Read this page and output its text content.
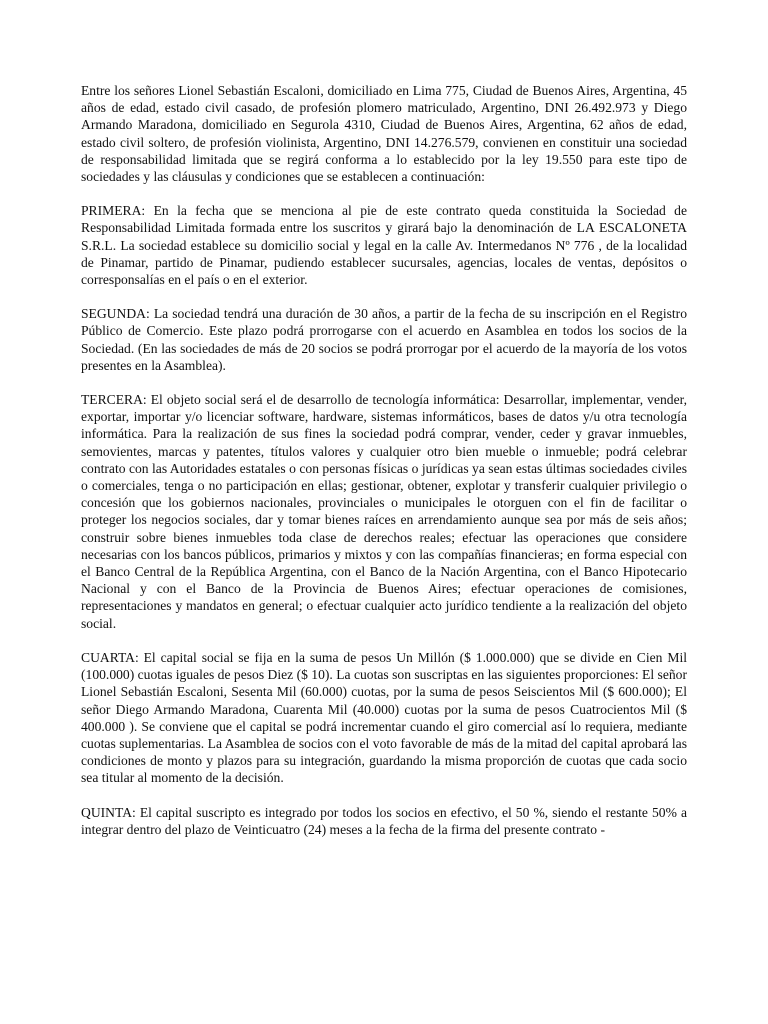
Entre los señores Lionel Sebastián Escaloni, domiciliado en Lima 775, Ciudad de Buenos Aires, Argentina, 45 años de edad, estado civil casado, de profesión plomero matriculado, Argentino, DNI 26.492.973 y Diego Armando Maradona, domiciliado en Segurola 4310, Ciudad de Buenos Aires, Argentina, 62 años de edad, estado civil soltero, de profesión violinista, Argentino, DNI 14.276.579, convienen en constituir una sociedad de responsabilidad limitada que se regirá conforma a lo establecido por la ley 19.550 para este tipo de sociedades y las cláusulas y condiciones que se establecen a continuación:

PRIMERA: En la fecha que se menciona al pie de este contrato queda constituida la Sociedad de Responsabilidad Limitada formada entre los suscritos y girará bajo la denominación de LA ESCALONETA S.R.L. La sociedad establece su domicilio social y legal en la calle Av. Intermedanos Nº 776 , de la localidad de Pinamar, partido de Pinamar, pudiendo establecer sucursales, agencias, locales de ventas, depósitos o corresponsalías en el país o en el exterior.

SEGUNDA: La sociedad tendrá una duración de 30 años, a partir de la fecha de su inscripción en el Registro Público de Comercio. Este plazo podrá prorrogarse con el acuerdo en Asamblea en todos los socios de la Sociedad. (En las sociedades de más de 20 socios se podrá prorrogar por el acuerdo de la mayoría de los votos presentes en la Asamblea).

TERCERA: El objeto social será el de desarrollo de tecnología informática: Desarrollar, implementar, vender, exportar, importar y/o licenciar software, hardware, sistemas informáticos, bases de datos y/u otra tecnología informática. Para la realización de sus fines la sociedad podrá comprar, vender, ceder y gravar inmuebles, semovientes, marcas y patentes, títulos valores y cualquier otro bien mueble o inmueble; podrá celebrar contrato con las Autoridades estatales o con personas físicas o jurídicas ya sean estas últimas sociedades civiles o comerciales, tenga o no participación en ellas; gestionar, obtener, explotar y transferir cualquier privilegio o concesión que los gobiernos nacionales, provinciales o municipales le otorguen con el fin de facilitar o proteger los negocios sociales, dar y tomar bienes raíces en arrendamiento aunque sea por más de seis años; construir sobre bienes inmuebles toda clase de derechos reales; efectuar las operaciones que considere necesarias con los bancos públicos, primarios y mixtos y con las compañías financieras; en forma especial con el Banco Central de la República Argentina, con el Banco de la Nación Argentina, con el Banco Hipotecario Nacional y con el Banco de la Provincia de Buenos Aires; efectuar operaciones de comisiones, representaciones y mandatos en general; o efectuar cualquier acto jurídico tendiente a la realización del objeto social.

CUARTA: El capital social se fija en la suma de pesos Un Millón ($ 1.000.000) que se divide en Cien Mil (100.000) cuotas iguales de pesos Diez ($ 10). La cuotas son suscriptas en las siguientes proporciones: El señor Lionel Sebastián Escaloni, Sesenta Mil (60.000) cuotas, por la suma de pesos Seiscientos Mil ($ 600.000); El señor Diego Armando Maradona, Cuarenta Mil (40.000) cuotas por la suma de pesos Cuatrocientos Mil ($ 400.000 ). Se conviene que el capital se podrá incrementar cuando el giro comercial así lo requiera, mediante cuotas suplementarias. La Asamblea de socios con el voto favorable de más de la mitad del capital aprobará las condiciones de monto y plazos para su integración, guardando la misma proporción de cuotas que cada socio sea titular al momento de la decisión.

QUINTA: El capital suscripto es integrado por todos los socios en efectivo, el 50 %, siendo el restante 50% a integrar dentro del plazo de Veinticuatro (24) meses a la fecha de la firma del presente contrato -
